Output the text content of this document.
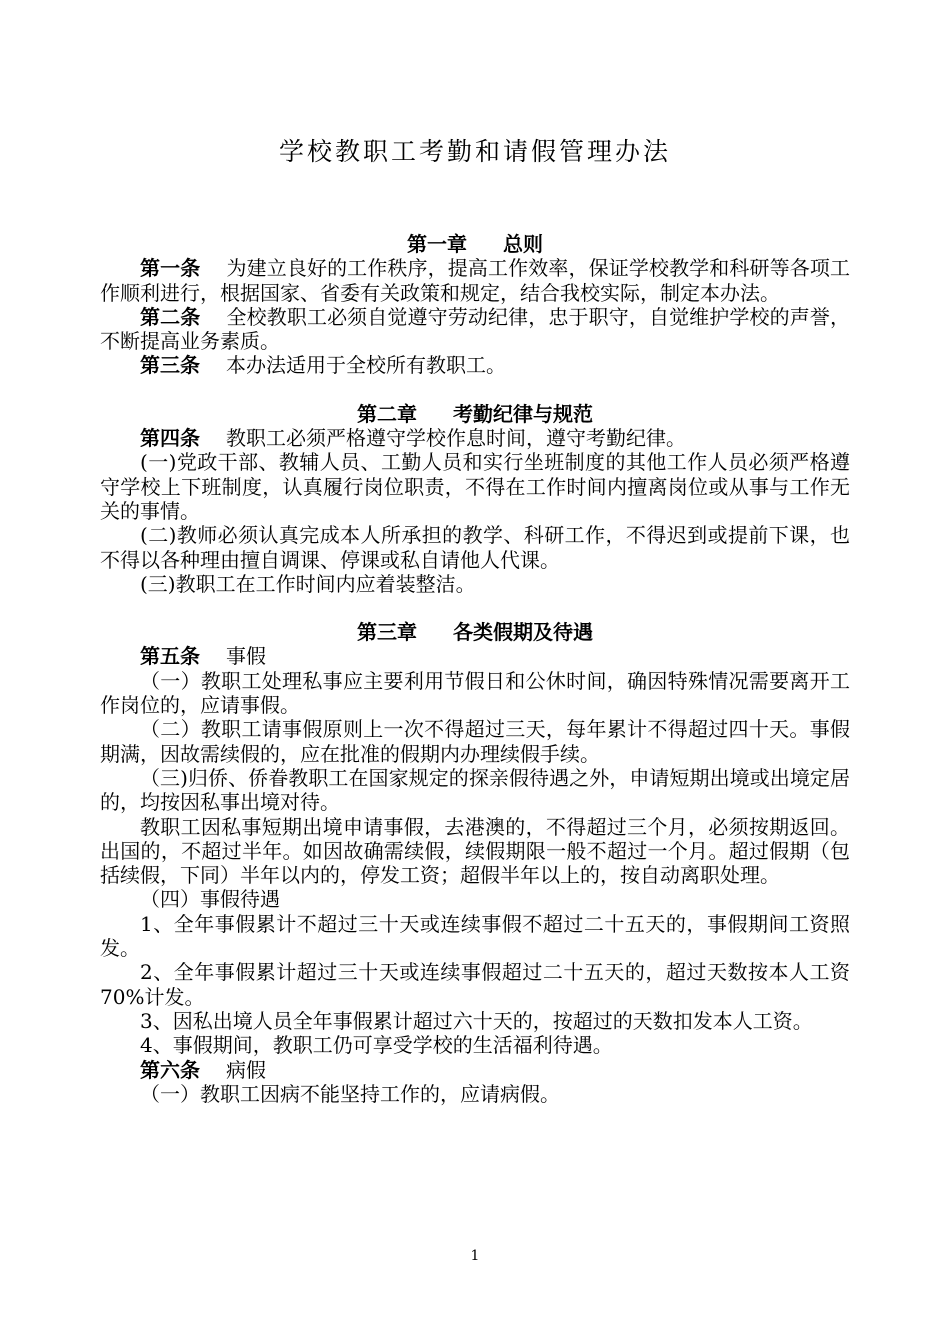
学校教职工考勤和请假管理办法
第一章 总则

第一条 为建立良好的工作秩序，提高工作效率，保证学校教学和科研等各项工作顺利进行，根据国家、省委有关政策和规定，结合我校实际，制定本办法。

第二条 全校教职工必须自觉遵守劳动纪律，忠于职守，自觉维护学校的声誉，不断提高业务素质。

第三条 本办法适用于全校所有教职工。

第二章 考勤纪律与规范

第四条 教职工必须严格遵守学校作息时间，遵守考勤纪律。

(一)党政干部、教辅人员、工勤人员和实行坐班制度的其他工作人员必须严格遵守学校上下班制度，认真履行岗位职责，不得在工作时间内擅离岗位或从事与工作无关的事情。

(二)教师必须认真完成本人所承担的教学、科研工作，不得迟到或提前下课，也不得以各种理由擅自调课、停课或私自请他人代课。

(三)教职工在工作时间内应着装整洁。

第三章 各类假期及待遇

第五条 事假

（一）教职工处理私事应主要利用节假日和公休时间，确因特殊情况需要离开工作岗位的，应请事假。

（二）教职工请事假原则上一次不得超过三天，每年累计不得超过四十天。事假期满，因故需续假的，应在批准的假期内办理续假手续。

（三)归侨、侨眷教职工在国家规定的探亲假待遇之外，申请短期出境或出境定居的，均按因私事出境对待。

教职工因私事短期出境申请事假，去港澳的，不得超过三个月，必须按期返回。出国的，不超过半年。如因故确需续假，续假期限一般不超过一个月。超过假期（包括续假，下同）半年以内的，停发工资；超假半年以上的，按自动离职处理。

（四）事假待遇

1、全年事假累计不超过三十天或连续事假不超过二十五天的，事假期间工资照发。

2、全年事假累计超过三十天或连续事假超过二十五天的，超过天数按本人工资 70%计发。

3、因私出境人员全年事假累计超过六十天的，按超过的天数扣发本人工资。

4、事假期间，教职工仍可享受学校的生活福利待遇。

第六条 病假

（一）教职工因病不能坚持工作的，应请病假。

1
